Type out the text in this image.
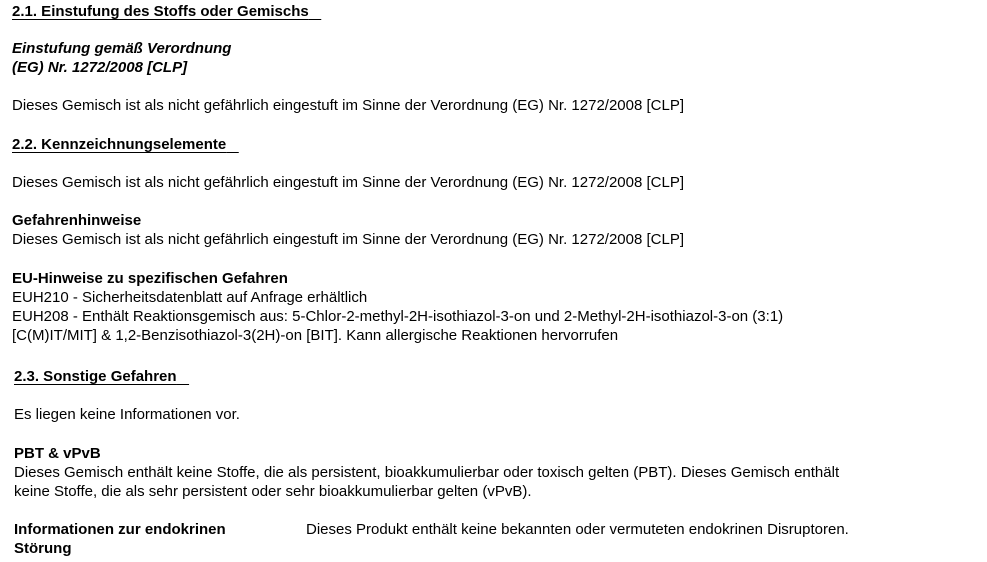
2.1. Einstufung des Stoffs oder Gemischs
Einstufung gemäß Verordnung
(EG) Nr. 1272/2008 [CLP]
Dieses Gemisch ist als nicht gefährlich eingestuft im Sinne der Verordnung (EG) Nr. 1272/2008 [CLP]
2.2. Kennzeichnungselemente
Dieses Gemisch ist als nicht gefährlich eingestuft im Sinne der Verordnung (EG) Nr. 1272/2008 [CLP]
Gefahrenhinweise
Dieses Gemisch ist als nicht gefährlich eingestuft im Sinne der Verordnung (EG) Nr. 1272/2008 [CLP]
EU-Hinweise zu spezifischen Gefahren
EUH210 - Sicherheitsdatenblatt auf Anfrage erhältlich
EUH208 - Enthält Reaktionsgemisch aus: 5-Chlor-2-methyl-2H-isothiazol-3-on und 2-Methyl-2H-isothiazol-3-on (3:1)
[C(M)IT/MIT] & 1,2-Benzisothiazol-3(2H)-on [BIT]. Kann allergische Reaktionen hervorrufen
2.3. Sonstige Gefahren
Es liegen keine Informationen vor.
PBT & vPvB
Dieses Gemisch enthält keine Stoffe, die als persistent, bioakkumulierbar oder toxisch gelten (PBT). Dieses Gemisch enthält
keine Stoffe, die als sehr persistent oder sehr bioakkumulierbar gelten (vPvB).
Informationen zur endokrinen
Störung
Dieses Produkt enthält keine bekannten oder vermuteten endokrinen Disruptoren.
